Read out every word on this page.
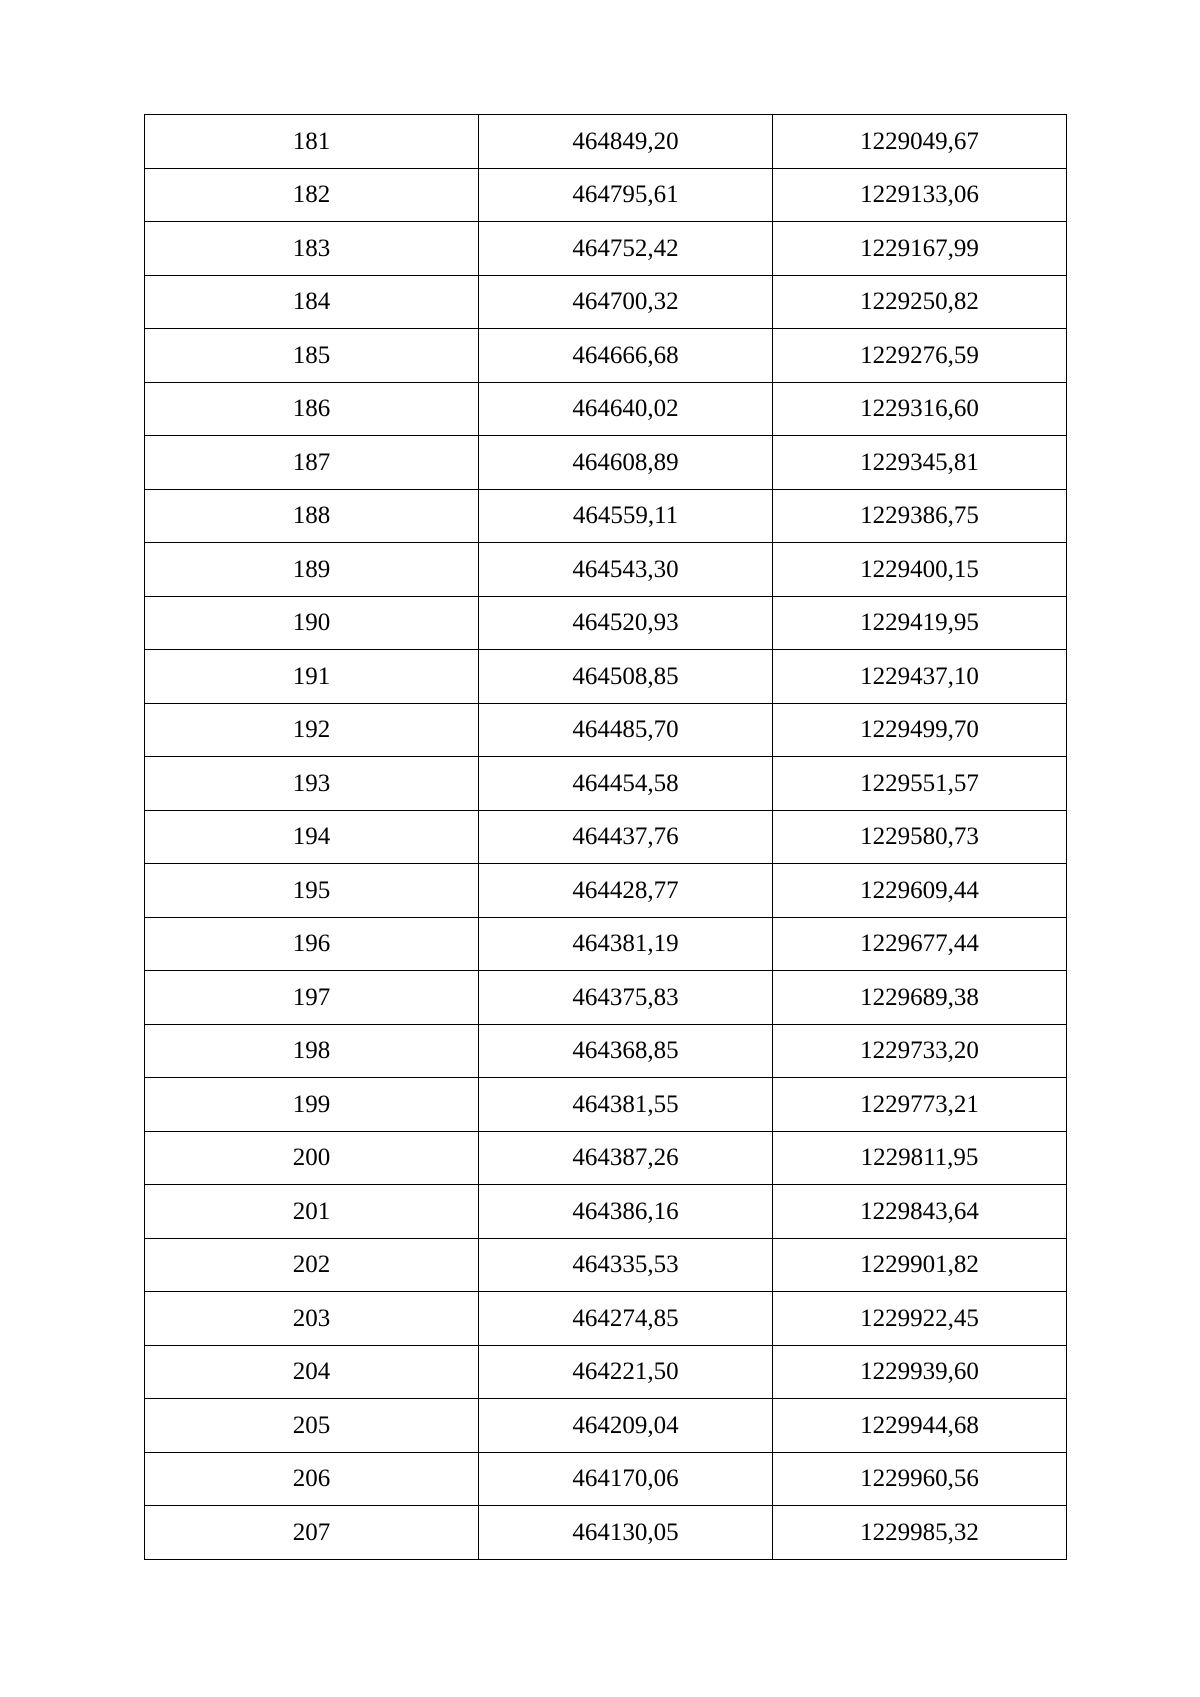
181	464849,20	1229049,67
182	464795,61	1229133,06
183	464752,42	1229167,99
184	464700,32	1229250,82
185	464666,68	1229276,59
186	464640,02	1229316,60
187	464608,89	1229345,81
188	464559,11	1229386,75
189	464543,30	1229400,15
190	464520,93	1229419,95
191	464508,85	1229437,10
192	464485,70	1229499,70
193	464454,58	1229551,57
194	464437,76	1229580,73
195	464428,77	1229609,44
196	464381,19	1229677,44
197	464375,83	1229689,38
198	464368,85	1229733,20
199	464381,55	1229773,21
200	464387,26	1229811,95
201	464386,16	1229843,64
202	464335,53	1229901,82
203	464274,85	1229922,45
204	464221,50	1229939,60
205	464209,04	1229944,68
206	464170,06	1229960,56
207	464130,05	1229985,32
